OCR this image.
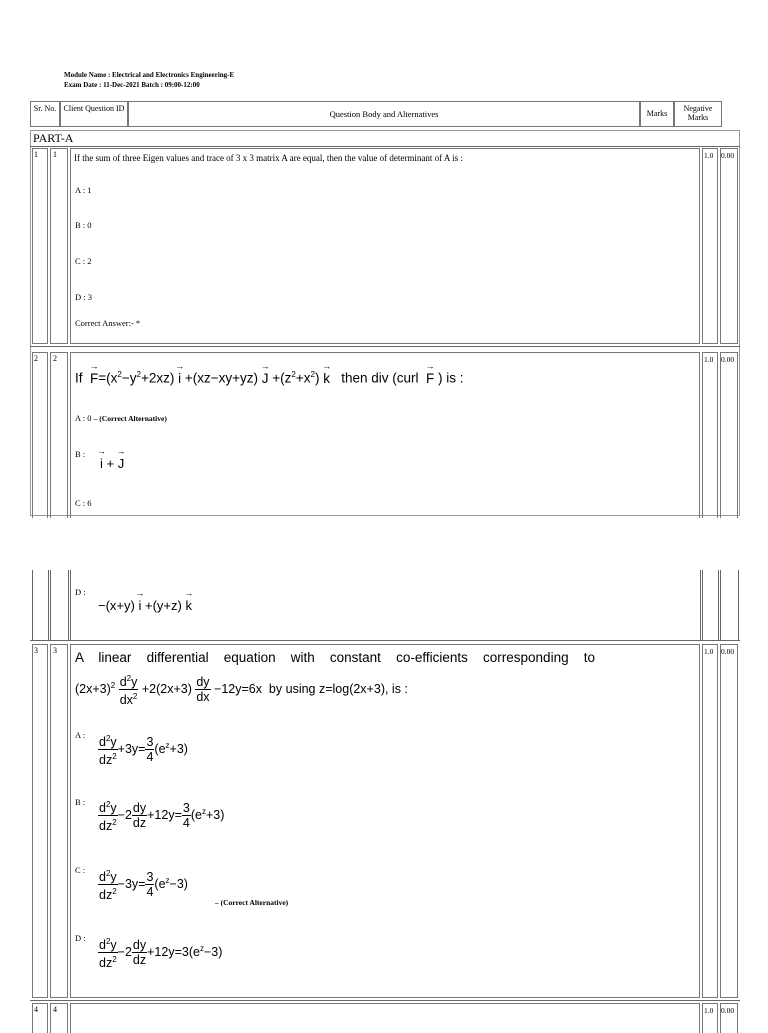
Module Name : Electrical and Electronics Engineering-E
Exam Date : 11-Dec-2021 Batch : 09:00-12:00
Sr. No. Client Question ID
Question Body and Alternatives	Marks
Negative Marks
PART-A
1 1 If the sum of three Eigen values and trace of 3 x 3 matrix A are equal, then the value of determinant of A is :
A : 1
B : 0
C : 2
D : 3
Correct Answer:- *
1.0 0.00
2 2
$If \to F=(x^2-y^2+2xz) \to i +(xz-xy+yz) \to J +(z^2+x^2) \to k$   then div (curl  → F ) is :
A : 0 – (Correct Alternative)
B :
→ i + → J
C : 6
1.0 0.00
D :
−(x+y) → i +(y+z) → k
3 3 A linear differential equation with constant co-efficients corresponding to
$(2x+3)^2 \frac{d^2y}{dx^2} +2(2x+3) \frac{dy}{dx} -12y=6x$  by using z=log(2x+3), is :
A : $\frac{d^2y}{dz^2} +3y= \frac{3}{4} (e^z+3)$
B : $\frac{d^2y}{dz^2} -2 \frac{dy}{dz} +12y= \frac{3}{4} (e^z+3)$
C : $\frac{d^2y}{dz^2} -3y= \frac{3}{4} (e^z-3)$
– (Correct Alternative)
D : $\frac{d^2y}{dz^2} -2 \frac{dy}{dz} +12y=3(e^z-3)$
1.0 0.00
4 4	1.0 0.00
